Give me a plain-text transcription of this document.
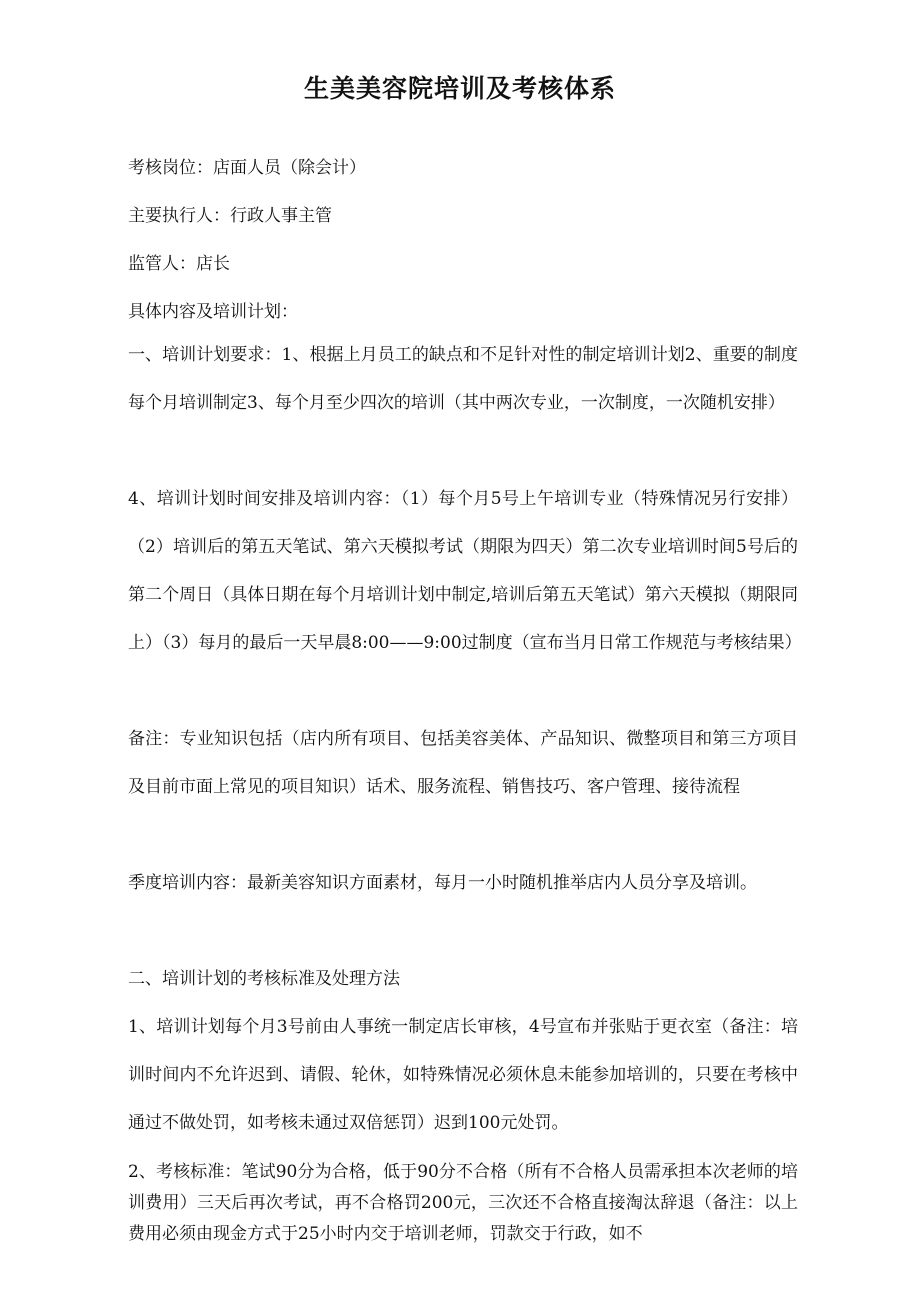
生美美容院培训及考核体系

考核岗位：店面人员（除会计）

主要执行人：行政人事主管

监管人：店长

具体内容及培训计划：

一、培训计划要求：1、根据上月员工的缺点和不足针对性的制定培训计划2、重要的制度每个月培训制定3、每个月至少四次的培训（其中两次专业，一次制度，一次随机安排）

4、培训计划时间安排及培训内容：（1）每个月5号上午培训专业（特殊情况另行安排）（2）培训后的第五天笔试、第六天模拟考试（期限为四天）第二次专业培训时间5号后的第二个周日（具体日期在每个月培训计划中制定,培训后第五天笔试）第六天模拟（期限同上）（3）每月的最后一天早晨8:00——9:00过制度（宣布当月日常工作规范与考核结果）

备注：专业知识包括（店内所有项目、包括美容美体、产品知识、微整项目和第三方项目及目前市面上常见的项目知识）话术、服务流程、销售技巧、客户管理、接待流程

季度培训内容：最新美容知识方面素材，每月一小时随机推举店内人员分享及培训。

二、培训计划的考核标准及处理方法

1、培训计划每个月3号前由人事统一制定店长审核，4号宣布并张贴于更衣室（备注：培训时间内不允许迟到、请假、轮休，如特殊情况必须休息未能参加培训的，只要在考核中通过不做处罚，如考核未通过双倍惩罚）迟到100元处罚。

2、考核标准：笔试90分为合格，低于90分不合格（所有不合格人员需承担本次老师的培训费用）三天后再次考试，再不合格罚200元，三次还不合格直接淘汰辞退（备注：以上费用必须由现金方式于25小时内交于培训老师，罚款交于行政，如不
